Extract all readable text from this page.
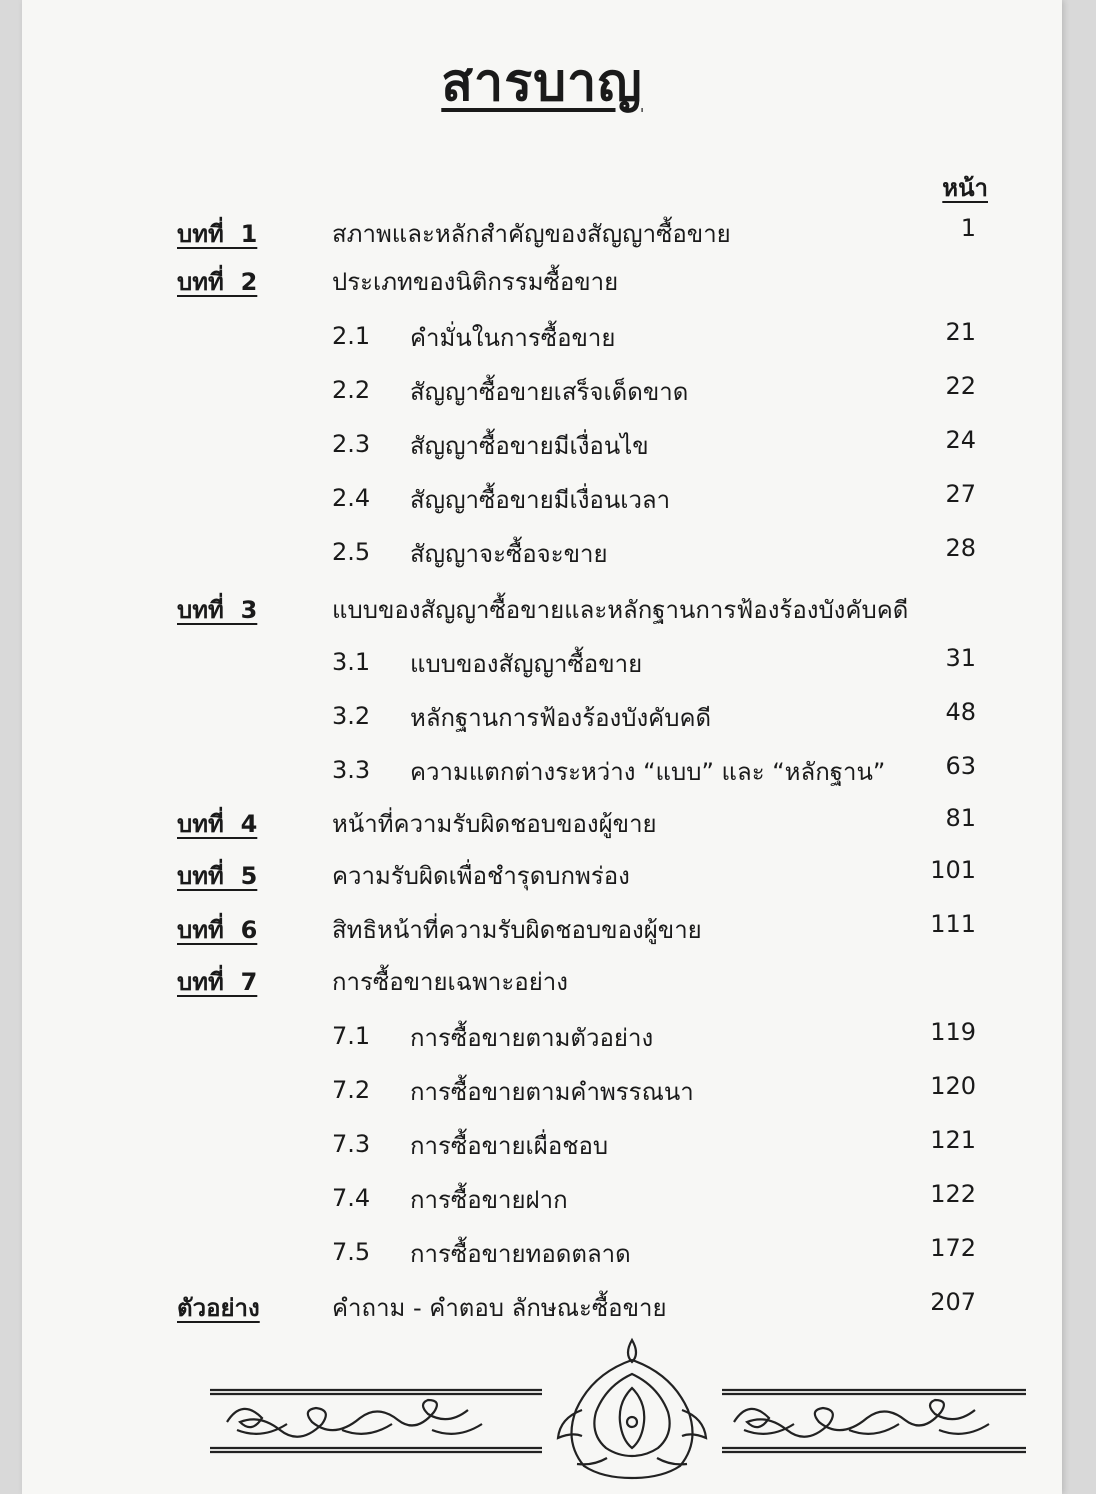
สารบาญ
หน้า
บทที่  1	สภาพและหลักสำคัญของสัญญาซื้อขาย	1
บทที่  2	ประเภทของนิติกรรมซื้อขาย
2.1 คำมั่นในการซื้อขาย	21
2.2 สัญญาซื้อขายเสร็จเด็ดขาด	22
2.3 สัญญาซื้อขายมีเงื่อนไข	24
2.4 สัญญาซื้อขายมีเงื่อนเวลา	27
2.5 สัญญาจะซื้อจะขาย	28
บทที่  3	แบบของสัญญาซื้อขายและหลักฐานการฟ้องร้องบังคับคดี
3.1 แบบของสัญญาซื้อขาย	31
3.2 หลักฐานการฟ้องร้องบังคับคดี	48
3.3 ความแตกต่างระหว่าง “แบบ” และ “หลักฐาน”	63
บทที่  4	หน้าที่ความรับผิดชอบของผู้ขาย	81
บทที่  5	ความรับผิดเพื่อชำรุดบกพร่อง	101
บทที่  6	สิทธิหน้าที่ความรับผิดชอบของผู้ขาย	111
บทที่  7	การซื้อขายเฉพาะอย่าง
7.1 การซื้อขายตามตัวอย่าง	119
7.2 การซื้อขายตามคำพรรณนา	120
7.3 การซื้อขายเผื่อชอบ	121
7.4 การซื้อขายฝาก	122
7.5 การซื้อขายทอดตลาด	172
ตัวอย่าง	คำถาม - คำตอบ ลักษณะซื้อขาย	207
